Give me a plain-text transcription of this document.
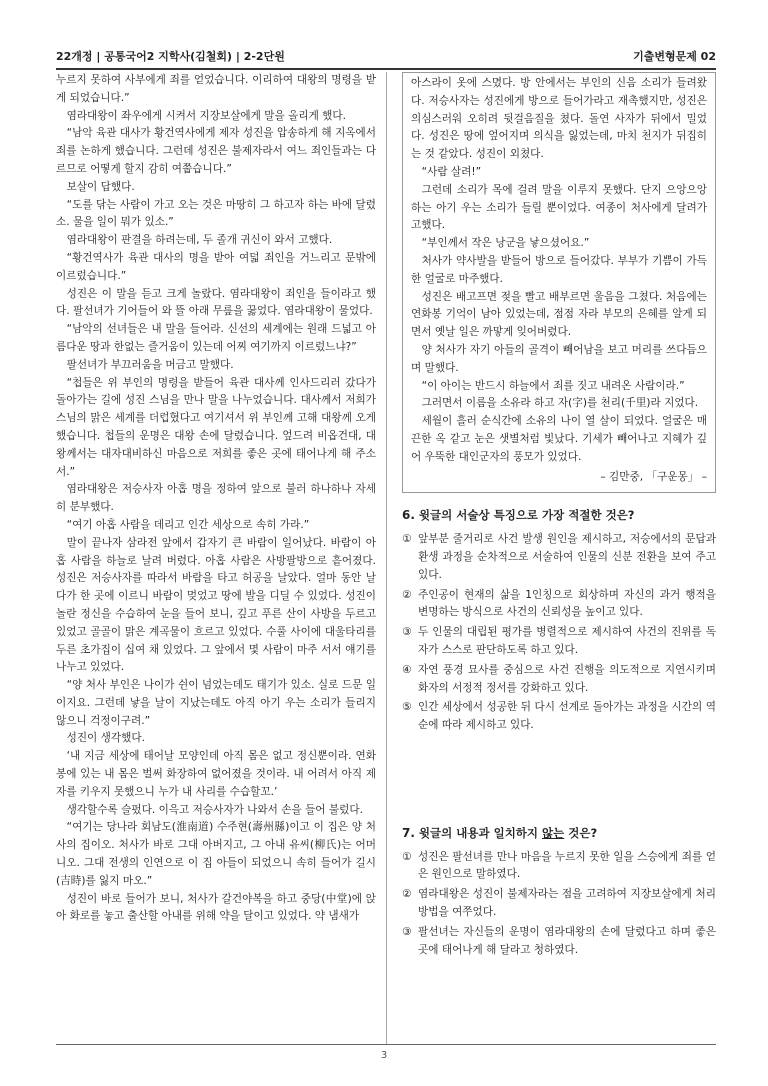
22개정 | 공통국어2 지학사(김철회) | 2-2단원	기출변형문제 02

누르지 못하여 사부에게 죄를 얻었습니다. 이리하여 대왕의 명령을 받게 되었습니다.”

염라대왕이 좌우에게 시켜서 지장보살에게 말을 올리게 했다.

“남악 육관 대사가 황건역사에게 제자 성진을 압송하게 해 지옥에서 죄를 논하게 했습니다. 그런데 성진은 불제자라서 여느 죄인들과는 다르므로 어떻게 할지 감히 여쭙습니다.”

보살이 답했다.

“도를 닦는 사람이 가고 오는 것은 마땅히 그 하고자 하는 바에 달렸소. 물을 일이 뭐가 있소.”

염라대왕이 판결을 하려는데, 두 졸개 귀신이 와서 고했다.

“황건역사가 육관 대사의 명을 받아 여덟 죄인을 거느리고 문밖에 이르렀습니다.”

성진은 이 말을 듣고 크게 놀랐다. 염라대왕이 죄인을 들이라고 했다. 팔선녀가 기어들어 와 뜰 아래 무릎을 꿇었다. 염라대왕이 물었다.

“남악의 선녀들은 내 말을 들어라. 신선의 세계에는 원래 드넓고 아름다운 땅과 한없는 즐거움이 있는데 어찌 여기까지 이르렀느냐?”

팔선녀가 부끄러움을 머금고 말했다.

“첩들은 위 부인의 명령을 받들어 육관 대사께 인사드리러 갔다가 돌아가는 길에 성진 스님을 만나 말을 나누었습니다. 대사께서 저희가 스님의 맑은 세계를 더럽혔다고 여기셔서 위 부인께 고해 대왕께 오게 했습니다. 첩들의 운명은 대왕 손에 달렸습니다. 엎드려 비옵건대, 대왕께서는 대자대비하신 마음으로 저희를 좋은 곳에 태어나게 해 주소서.”

염라대왕은 저승사자 아홉 명을 정하여 앞으로 불러 하나하나 자세히 분부했다.

“여기 아홉 사람을 데리고 인간 세상으로 속히 가라.”

말이 끝나자 삼라전 앞에서 갑자기 큰 바람이 일어났다. 바람이 아홉 사람을 하늘로 날려 버렸다. 아홉 사람은 사방팔방으로 흩어졌다. 성진은 저승사자를 따라서 바람을 타고 허공을 날았다. 얼마 동안 날다가 한 곳에 이르니 바람이 멎었고 땅에 발을 디딜 수 있었다. 성진이 놀란 정신을 수습하여 눈을 들어 보니, 깊고 푸른 산이 사방을 두르고 있었고 골골이 맑은 계곡물이 흐르고 있었다. 수풀 사이에 대울타리를 두른 초가집이 십여 채 있었다. 그 앞에서 몇 사람이 마주 서서 얘기를 나누고 있었다.

“양 처사 부인은 나이가 쉰이 넘었는데도 태기가 있소. 실로 드문 일이지요. 그런데 낳을 날이 지났는데도 아직 아기 우는 소리가 들리지 않으니 걱정이구려.”

성진이 생각했다.

‘내 지금 세상에 태어날 모양인데 아직 몸은 없고 정신뿐이라. 연화봉에 있는 내 몸은 벌써 화장하여 없어졌을 것이라. 내 어려서 아직 제자를 키우지 못했으니 누가 내 사리를 수습할꼬.’

생각할수록 슬펐다. 이윽고 저승사자가 나와서 손을 들어 불렀다.

“여기는 당나라 회남도(淮南道) 수주현(壽州縣)이고 이 집은 양 처사의 집이오. 처사가 바로 그대 아버지고, 그 아내 유씨(柳氏)는 어머니오. 그대 전생의 인연으로 이 집 아들이 되었으니 속히 들어가 길시(吉時)를 잃지 마오.”

성진이 바로 들어가 보니, 처사가 갈건야복을 하고 중당(中堂)에 앉아 화로를 놓고 출산할 아내를 위해 약을 달이고 있었다. 약 냄새가

아스라이 옷에 스몄다. 방 안에서는 부인의 신음 소리가 들려왔다. 저승사자는 성진에게 방으로 들어가라고 재촉했지만, 성진은 의심스러워 오히려 뒷걸음질을 쳤다. 돌연 사자가 뒤에서 밀었다. 성진은 땅에 엎어지며 의식을 잃었는데, 마치 천지가 뒤집히는 것 같았다. 성진이 외쳤다.

“사람 살려!”

그런데 소리가 목에 걸려 말을 이루지 못했다. 단지 으앙으앙 하는 아기 우는 소리가 들릴 뿐이었다. 여종이 처사에게 달려가 고했다.

“부인께서 작은 낭군을 낳으셨어요.”

처사가 약사발을 받들어 방으로 들어갔다. 부부가 기쁨이 가득한 얼굴로 마주했다.

성진은 배고프면 젖을 빨고 배부르면 울음을 그쳤다. 처음에는 연화봉 기억이 남아 있었는데, 점점 자라 부모의 은혜를 알게 되면서 옛날 일은 까맣게 잊어버렸다.

양 처사가 자기 아들의 골격이 빼어남을 보고 머리를 쓰다듬으며 말했다.

“이 아이는 반드시 하늘에서 죄를 짓고 내려온 사람이라.”

그러면서 이름을 소유라 하고 자(字)를 천리(千里)라 지었다.

세월이 흘러 순식간에 소유의 나이 열 살이 되었다. 얼굴은 매끈한 옥 같고 눈은 샛별처럼 빛났다. 기세가 빼어나고 지혜가 깊어 우뚝한 대인군자의 풍모가 있었다.

– 김만중, 「구운몽」 –

6. 윗글의 서술상 특징으로 가장 적절한 것은?
① 앞부분 줄거리로 사건 발생 원인을 제시하고, 저승에서의 문답과 환생 과정을 순차적으로 서술하여 인물의 신분 전환을 보여 주고 있다.
② 주인공이 현재의 삶을 1인칭으로 회상하며 자신의 과거 행적을 변명하는 방식으로 사건의 신뢰성을 높이고 있다.
③ 두 인물의 대립된 평가를 병렬적으로 제시하여 사건의 진위를 독자가 스스로 판단하도록 하고 있다.
④ 자연 풍경 묘사를 중심으로 사건 진행을 의도적으로 지연시키며 화자의 서정적 정서를 강화하고 있다.
⑤ 인간 세상에서 성공한 뒤 다시 선계로 돌아가는 과정을 시간의 역순에 따라 제시하고 있다.
7. 윗글의 내용과 일치하지 않는 것은?
① 성진은 팔선녀를 만나 마음을 누르지 못한 일을 스승에게 죄를 얻은 원인으로 말하였다.
② 염라대왕은 성진이 불제자라는 점을 고려하여 지장보살에게 처리 방법을 여쭈었다.
③ 팔선녀는 자신들의 운명이 염라대왕의 손에 달렸다고 하며 좋은 곳에 태어나게 해 달라고 청하였다.
3
